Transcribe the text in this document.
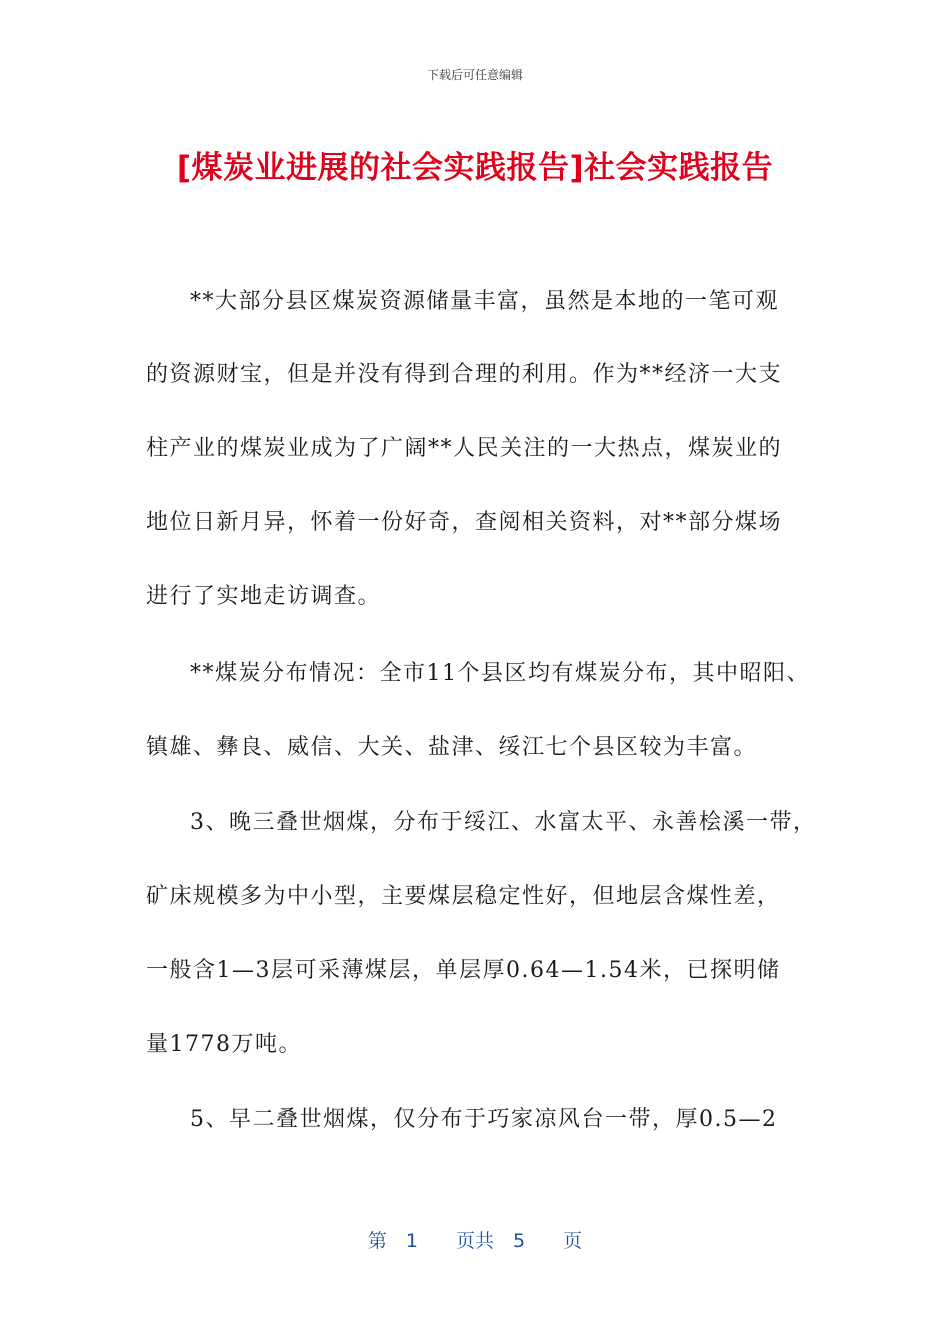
下载后可任意编辑
[煤炭业进展的社会实践报告]社会实践报告
**大部分县区煤炭资源储量丰富，虽然是本地的一笔可观
的资源财宝，但是并没有得到合理的利用。作为**经济一大支
柱产业的煤炭业成为了广阔**人民关注的一大热点，煤炭业的
地位日新月异，怀着一份好奇，查阅相关资料，对**部分煤场
进行了实地走访调查。
**煤炭分布情况：全市11个县区均有煤炭分布，其中昭阳、
镇雄、彝良、威信、大关、盐津、绥江七个县区较为丰富。
3、晚三叠世烟煤，分布于绥江、水富太平、永善桧溪一带，
矿床规模多为中小型，主要煤层稳定性好，但地层含煤性差，
一般含1—3层可采薄煤层，单层厚0.64—1.54米，已探明储
量1778万吨。
5、早二叠世烟煤，仅分布于巧家凉风台一带，厚0.5—2
第　1　　页共　5　　页
